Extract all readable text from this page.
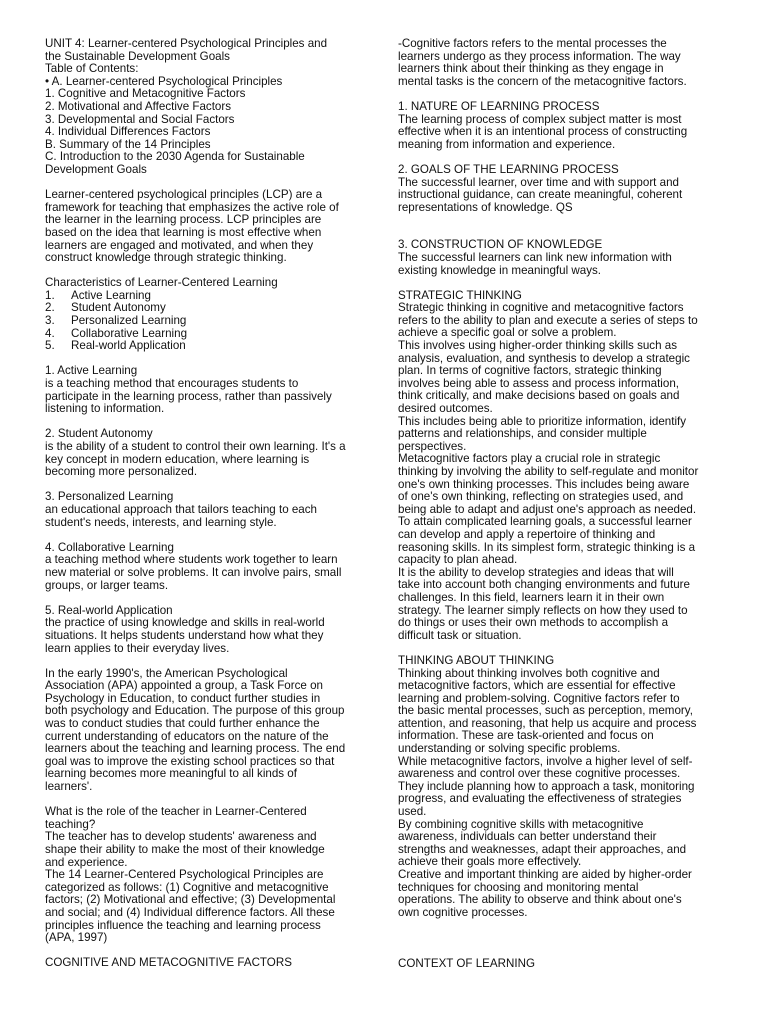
UNIT 4: Learner-centered Psychological Principles and

the Sustainable Development Goals

Table of Contents:

• A. Learner-centered Psychological Principles

1. Cognitive and Metacognitive Factors

2. Motivational and Affective Factors

3. Developmental and Social Factors

4. Individual Differences Factors

B. Summary of the 14 Principles

C. Introduction to the 2030 Agenda for Sustainable

Development Goals

Learner-centered psychological principles (LCP) are a

framework for teaching that emphasizes the active role of

the learner in the learning process. LCP principles are

based on the idea that learning is most effective when

learners are engaged and motivated, and when they

construct knowledge through strategic thinking.

Characteristics of Learner-Centered Learning

1.	Active Learning
2.	Student Autonomy
3.	Personalized Learning
4.	Collaborative Learning
5.	Real-world Application

1. Active Learning

is a teaching method that encourages students to

participate in the learning process, rather than passively

listening to information.

2. Student Autonomy

is the ability of a student to control their own learning. It's a

key concept in modern education, where learning is

becoming more personalized.

3. Personalized Learning

an educational approach that tailors teaching to each

student's needs, interests, and learning style.

4. Collaborative Learning

a teaching method where students work together to learn

new material or solve problems. It can involve pairs, small

groups, or larger teams.

5. Real-world Application

the practice of using knowledge and skills in real-world

situations. It helps students understand how what they

learn applies to their everyday lives.

In the early 1990's, the American Psychological

Association (APA) appointed a group, a Task Force on

Psychology in Education, to conduct further studies in

both psychology and Education. The purpose of this group

was to conduct studies that could further enhance the

current understanding of educators on the nature of the

learners about the teaching and learning process. The end

goal was to improve the existing school practices so that

learning becomes more meaningful to all kinds of

learners'.

What is the role of the teacher in Learner-Centered

teaching?

The teacher has to develop students' awareness and

shape their ability to make the most of their knowledge

and experience.

The 14 Learner-Centered Psychological Principles are

categorized as follows: (1) Cognitive and metacognitive

factors; (2) Motivational and effective; (3) Developmental

and social; and (4) Individual difference factors. All these

principles influence the teaching and learning process

(APA, 1997)

-Cognitive factors refers to the mental processes the

learners undergo as they process information. The way

learners think about their thinking as they engage in

mental tasks is the concern of the metacognitive factors.

1. NATURE OF LEARNING PROCESS

The learning process of complex subject matter is most

effective when it is an intentional process of constructing

meaning from information and experience.

2. GOALS OF THE LEARNING PROCESS

The successful learner, over time and with support and

instructional guidance, can create meaningful, coherent

representations of knowledge. QS

3. CONSTRUCTION OF KNOWLEDGE

The successful learners can link new information with

existing knowledge in meaningful ways.

STRATEGIC THINKING

Strategic thinking in cognitive and metacognitive factors

refers to the ability to plan and execute a series of steps to

achieve a specific goal or solve a problem.

This involves using higher-order thinking skills such as

analysis, evaluation, and synthesis to develop a strategic

plan. In terms of cognitive factors, strategic thinking

involves being able to assess and process information,

think critically, and make decisions based on goals and

desired outcomes.

This includes being able to prioritize information, identify

patterns and relationships, and consider multiple

perspectives.

Metacognitive factors play a crucial role in strategic

thinking by involving the ability to self-regulate and monitor

one's own thinking processes. This includes being aware

of one's own thinking, reflecting on strategies used, and

being able to adapt and adjust one's approach as needed.

To attain complicated learning goals, a successful learner

can develop and apply a repertoire of thinking and

reasoning skills. In its simplest form, strategic thinking is a

capacity to plan ahead.

It is the ability to develop strategies and ideas that will

take into account both changing environments and future

challenges. In this field, learners learn it in their own

strategy. The learner simply reflects on how they used to

do things or uses their own methods to accomplish a

difficult task or situation.

THINKING ABOUT THINKING

Thinking about thinking involves both cognitive and

metacognitive factors, which are essential for effective

learning and problem-solving. Cognitive factors refer to

the basic mental processes, such as perception, memory,

attention, and reasoning, that help us acquire and process

information. These are task-oriented and focus on

understanding or solving specific problems.

While metacognitive factors, involve a higher level of self-

awareness and control over these cognitive processes.

They include planning how to approach a task, monitoring

progress, and evaluating the effectiveness of strategies

used.

By combining cognitive skills with metacognitive

awareness, individuals can better understand their

strengths and weaknesses, adapt their approaches, and

achieve their goals more effectively.

Creative and important thinking are aided by higher-order

techniques for choosing and monitoring mental

operations. The ability to observe and think about one's

own cognitive processes.

COGNITIVE AND METACOGNITIVE FACTORS	CONTEXT OF LEARNING
